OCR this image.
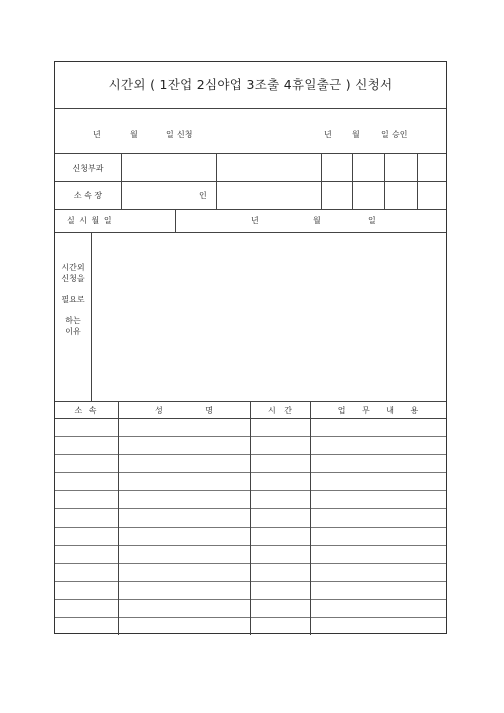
시간외 ( 1잔업 2심야업 3조출 4휴일출근 ) 신청서
년	월	일 신청	년	월	일 승인
신청부과
소 속 장	인
실 시 월 일	년	월	일
시간외
신청을
필요로
하는
이유
소 속	성 명	시 간	업 무 내 용
